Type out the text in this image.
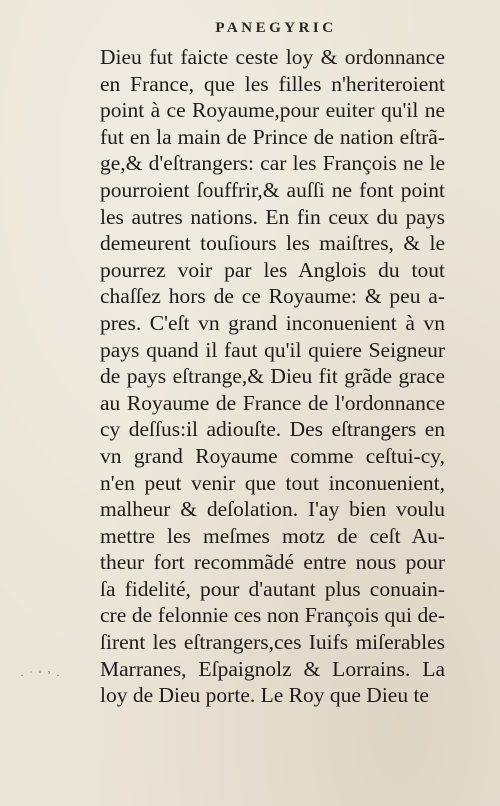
PANEGYRIC
· ˙ ˚ ʼ ·
Dieu fut faicte ceste loy & ordonnance
en France, que les filles n'heriteroient
point à ce Royaume,pour euiter qu'il ne
fut en la main de Prince de nation eſtrã-
ge,& d'eſtrangers: car les François ne le
pourroient ſouffrir,& auſſi ne font point
les autres nations. En fin ceux du pays
demeurent touſiours les maiſtres, & le
pourrez voir par les Anglois du tout
chaſſez hors de ce Royaume: & peu a-
pres. C'eſt vn grand inconuenient à vn
pays quand il faut qu'il quiere Seigneur
de pays eſtrange,& Dieu fit grãde grace
au Royaume de France de l'ordonnance
cy deſſus:il adiouſte. Des eſtrangers en
vn grand Royaume comme ceſtui-cy,
n'en peut venir que tout inconuenient,
malheur & deſolation. I'ay bien voulu
mettre les meſmes motz de ceſt Au-
theur fort recommãdé entre nous pour
ſa fidelité, pour d'autant plus conuain-
cre de felonnie ces non François qui de-
ſirent les eſtrangers,ces Iuifs miſerables
Marranes, Eſpaignolz & Lorrains. La
loy de Dieu porte. Le Roy que Dieu te
